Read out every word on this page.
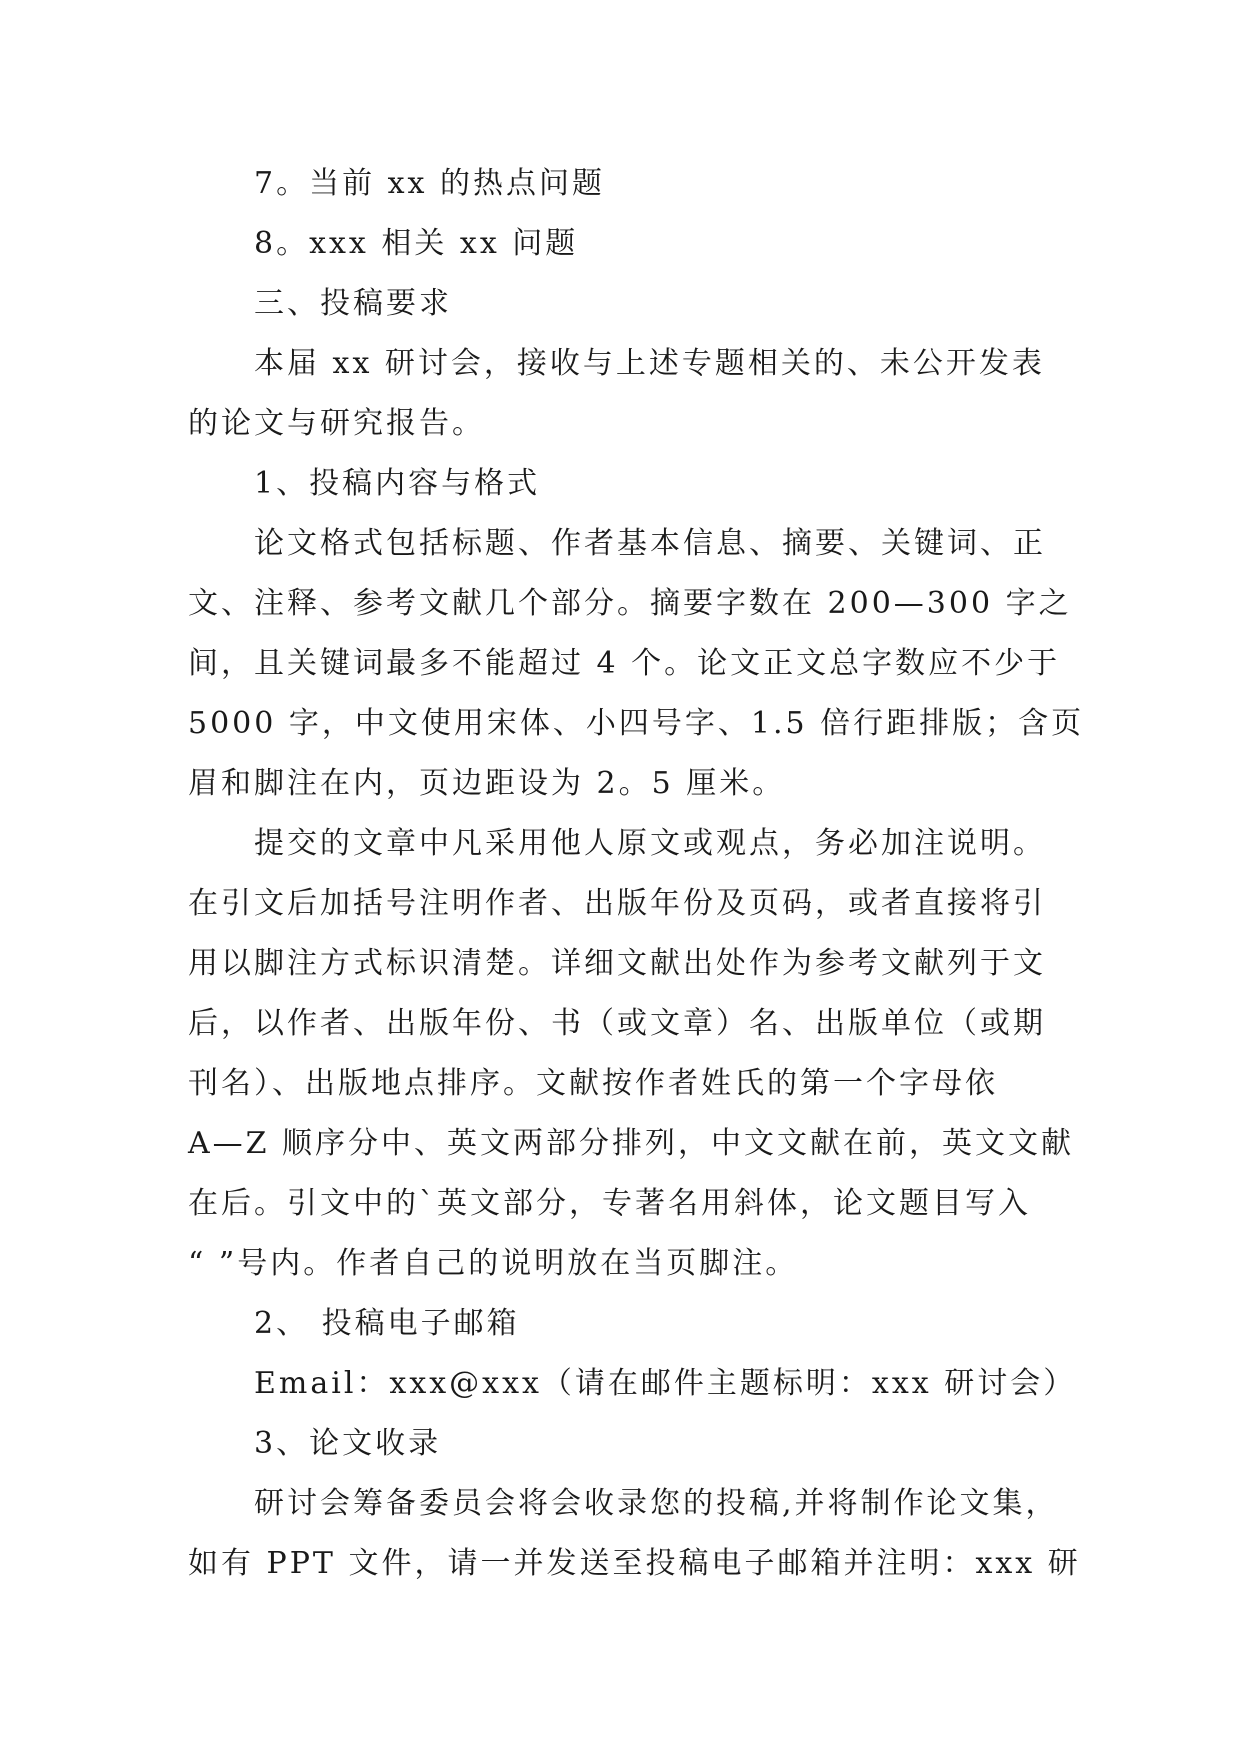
7。当前 xx 的热点问题
8。xxx 相关 xx 问题
三、投稿要求
本届 xx 研讨会，接收与上述专题相关的、未公开发表
的论文与研究报告。
1、投稿内容与格式
论文格式包括标题、作者基本信息、摘要、关键词、正
文、注释、参考文献几个部分。摘要字数在 200—300 字之
间，且关键词最多不能超过 4 个。论文正文总字数应不少于
5000 字，中文使用宋体、小四号字、1.5 倍行距排版；含页
眉和脚注在内，页边距设为 2。5 厘米。
提交的文章中凡采用他人原文或观点，务必加注说明。
在引文后加括号注明作者、出版年份及页码，或者直接将引
用以脚注方式标识清楚。详细文献出处作为参考文献列于文
后，以作者、出版年份、书（或文章）名、出版单位（或期
刊名）、出版地点排序。文献按作者姓氏的第一个字母依
A—Z 顺序分中、英文两部分排列，中文文献在前，英文文献
在后。引文中的`英文部分，专著名用斜体，论文题目写入
“ ”号内。作者自己的说明放在当页脚注。
2、 投稿电子邮箱
Email：xxx@xxx（请在邮件主题标明：xxx 研讨会）
3、论文收录
研讨会筹备委员会将会收录您的投稿,并将制作论文集，
如有 PPT 文件，请一并发送至投稿电子邮箱并注明：xxx 研
